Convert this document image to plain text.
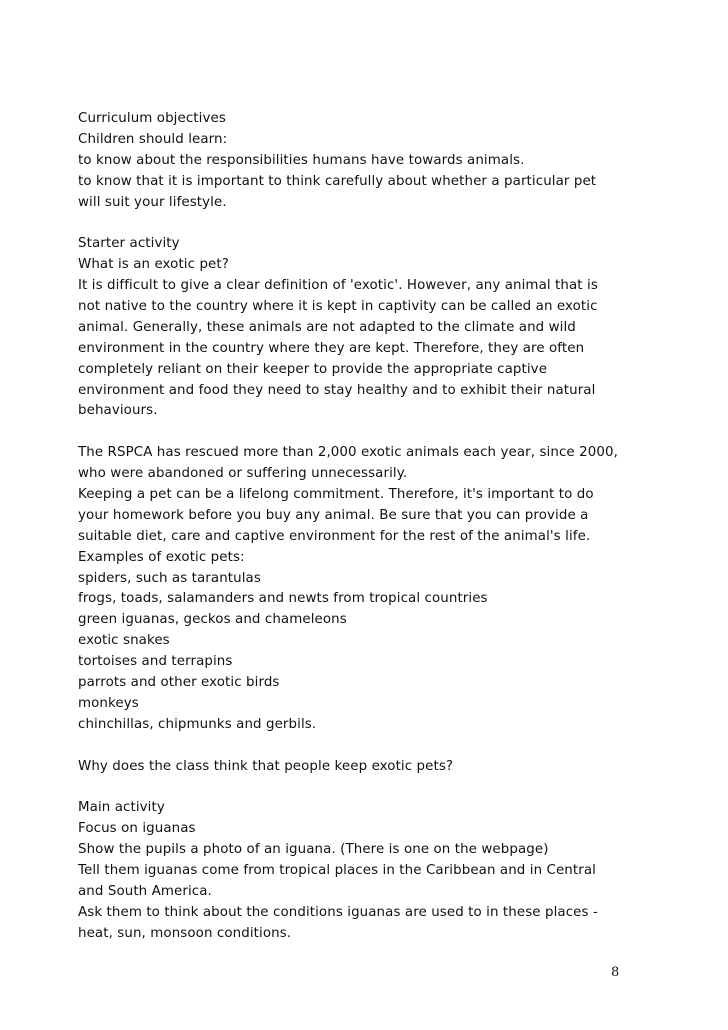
Curriculum objectives
Children should learn:
to know about the responsibilities humans have towards animals.
to know that it is important to think carefully about whether a particular pet
will suit your lifestyle.
Starter activity
What is an exotic pet?
It is difficult to give a clear definition of 'exotic'. However, any animal that is
not native to the country where it is kept in captivity can be called an exotic
animal. Generally, these animals are not adapted to the climate and wild
environment in the country where they are kept. Therefore, they are often
completely reliant on their keeper to provide the appropriate captive
environment and food they need to stay healthy and to exhibit their natural
behaviours.
The RSPCA has rescued more than 2,000 exotic animals each year, since 2000,
who were abandoned or suffering unnecessarily.
Keeping a pet can be a lifelong commitment. Therefore, it's important to do
your homework before you buy any animal. Be sure that you can provide a
suitable diet, care and captive environment for the rest of the animal's life.
Examples of exotic pets:
spiders, such as tarantulas
frogs, toads, salamanders and newts from tropical countries
green iguanas, geckos and chameleons
exotic snakes
tortoises and terrapins
parrots and other exotic birds
monkeys
chinchillas, chipmunks and gerbils.
Why does the class think that people keep exotic pets?
Main activity
Focus on iguanas
Show the pupils a photo of an iguana. (There is one on the webpage)
Tell them iguanas come from tropical places in the Caribbean and in Central
and South America.
Ask them to think about the conditions iguanas are used to in these places -
heat, sun, monsoon conditions.
8
